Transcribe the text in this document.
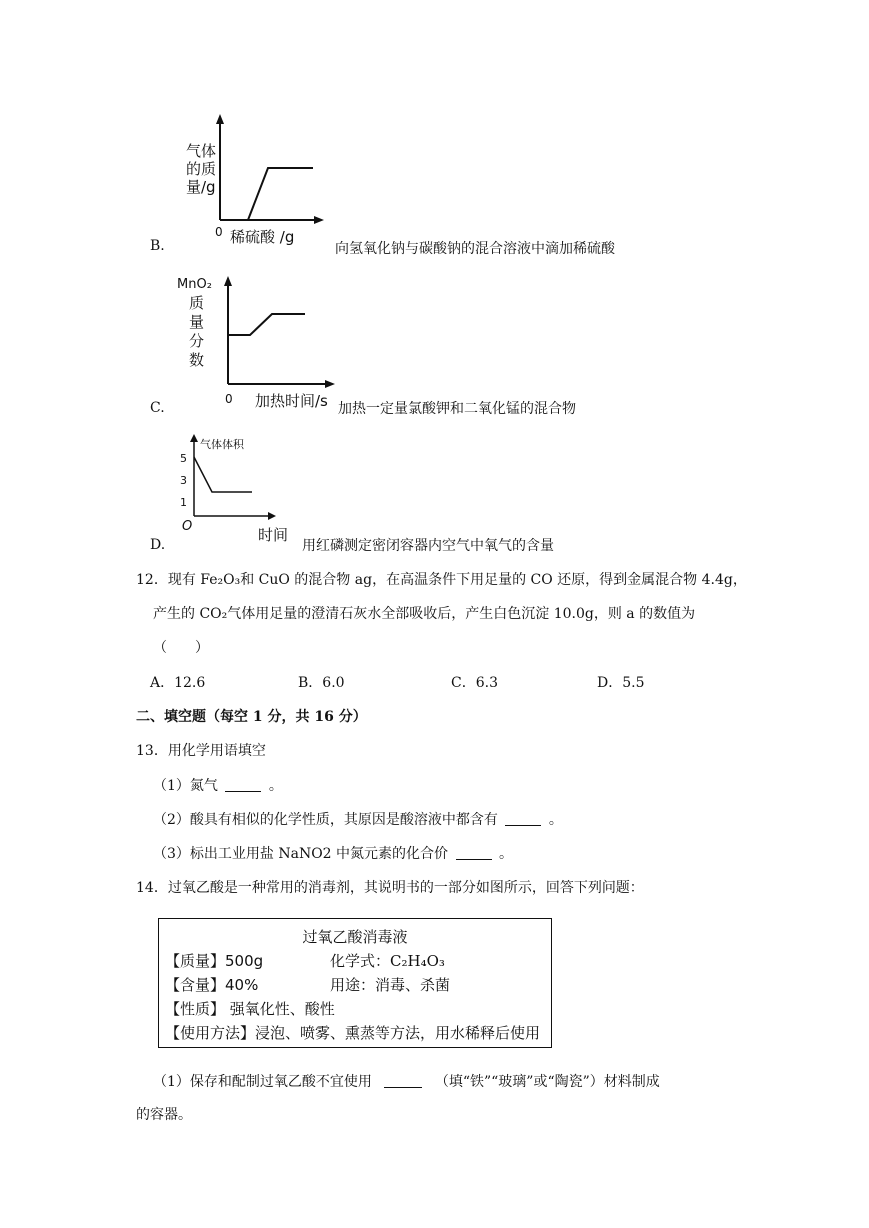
气体
的质
量/g
0 稀硫酸 /g
B.	向氢氧化钠与碳酸钠的混合溶液中滴加稀硫酸
MnO₂
质
量
分
数
0 加热时间/s
C.	加热一定量氯酸钾和二氧化锰的混合物
气体体积
5
3
1
O	时间
D.	用红磷测定密闭容器内空气中氧气的含量
12．现有 Fe₂O₃和 CuO 的混合物 ag，在高温条件下用足量的 CO 还原，得到金属混合物 4.4g，
产生的 CO₂气体用足量的澄清石灰水全部吸收后，产生白色沉淀 10.0g，则 a 的数值为
（　　）
A．12.6	B．6.0	C．6.3	D．5.5
二、填空题（每空 1 分，共 16 分）
13．用化学用语填空
（1）氮气	。
（2）酸具有相似的化学性质，其原因是酸溶液中都含有	。
（3）标出工业用盐 NaNO2 中氮元素的化合价	。
14．过氧乙酸是一种常用的消毒剂，其说明书的一部分如图所示，回答下列问题：
过氧乙酸消毒液
【质量】500g	化学式：C₂H₄O₃
【含量】40%	用途：消毒、杀菌
【性质】 强氧化性、酸性
【使用方法】浸泡、喷雾、熏蒸等方法，用水稀释后使用
（1）保存和配制过氧乙酸不宜使用	（填“铁”“玻璃”或“陶瓷”）材料制成
的容器。
